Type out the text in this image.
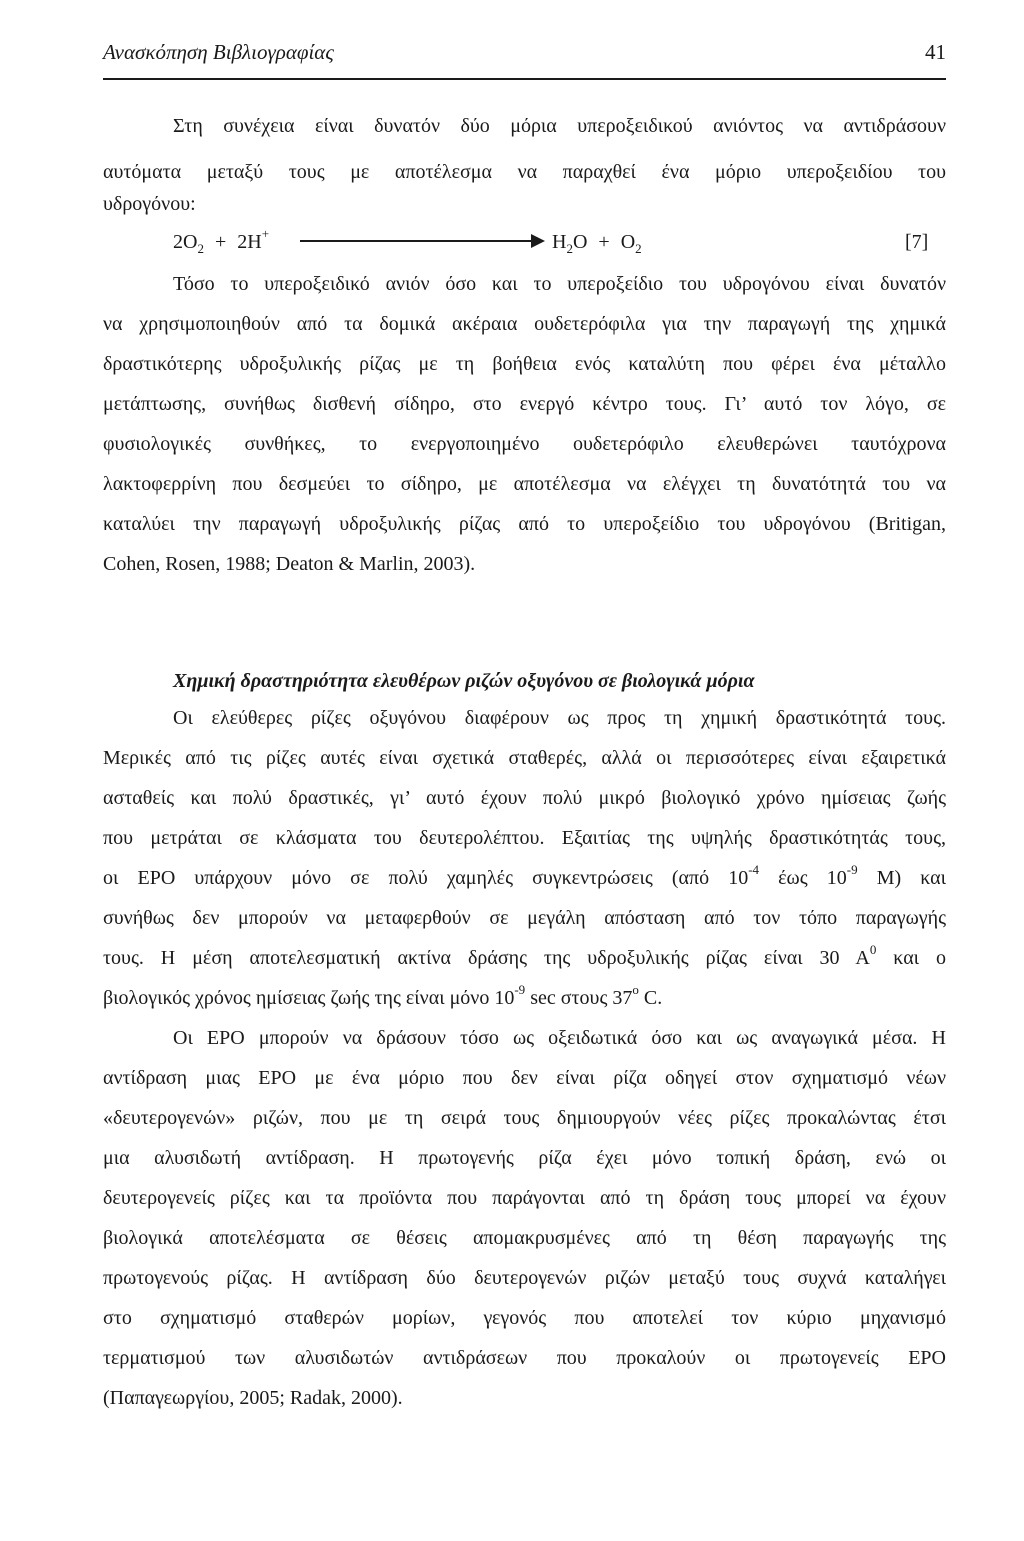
Ανασκόπηση Βιβλιογραφίας	41
Στη συνέχεια είναι δυνατόν δύο μόρια υπεροξειδικού ανιόντος να αντιδράσουν
αυτόματα μεταξύ τους με αποτέλεσμα να παραχθεί ένα μόριο υπεροξειδίου του
υδρογόνου:
$2O_2 + 2H^+$	$H_2O + O_2$	[7]
Τόσο το υπεροξειδικό ανιόν όσο και το υπεροξείδιο του υδρογόνου είναι δυνατόν
να χρησιμοποιηθούν από τα δομικά ακέραια ουδετερόφιλα για την παραγωγή της χημικά
δραστικότερης υδροξυλικής ρίζας με τη βοήθεια ενός καταλύτη που φέρει ένα μέταλλο
μετάπτωσης, συνήθως δισθενή σίδηρο, στο ενεργό κέντρο τους. Γι’ αυτό τον λόγο, σε
φυσιολογικές συνθήκες, το ενεργοποιημένο ουδετερόφιλο ελευθερώνει ταυτόχρονα
λακτοφερρίνη που δεσμεύει το σίδηρο, με αποτέλεσμα να ελέγχει τη δυνατότητά του να
καταλύει την παραγωγή υδροξυλικής ρίζας από το υπεροξείδιο του υδρογόνου (Britigan,
Cohen, Rosen, 1988; Deaton & Marlin, 2003).
Χημική δραστηριότητα ελευθέρων ριζών οξυγόνου σε βιολογικά μόρια
Οι ελεύθερες ρίζες οξυγόνου διαφέρουν ως προς τη χημική δραστικότητά τους.
Μερικές από τις ρίζες αυτές είναι σχετικά σταθερές, αλλά οι περισσότερες είναι εξαιρετικά
ασταθείς και πολύ δραστικές, γι’ αυτό έχουν πολύ μικρό βιολογικό χρόνο ημίσειας ζωής
που μετράται σε κλάσματα του δευτερολέπτου. Εξαιτίας της υψηλής δραστικότητάς τους,
οι ΕΡΟ υπάρχουν μόνο σε πολύ χαμηλές συγκεντρώσεις (από $10^{-4}$ έως $10^{-9}$ Μ) και
συνήθως δεν μπορούν να μεταφερθούν σε μεγάλη απόσταση από τον τόπο παραγωγής
τους. Η μέση αποτελεσματική ακτίνα δράσης της υδροξυλικής ρίζας είναι 30 $A^0$ και ο
βιολογικός χρόνος ημίσειας ζωής της είναι μόνο $10^{-9}$ sec στους 37$^o$ C.
Οι ΕΡΟ μπορούν να δράσουν τόσο ως οξειδωτικά όσο και ως αναγωγικά μέσα. Η
αντίδραση μιας ΕΡΟ με ένα μόριο που δεν είναι ρίζα οδηγεί στον σχηματισμό νέων
«δευτερογενών» ριζών, που με τη σειρά τους δημιουργούν νέες ρίζες προκαλώντας έτσι
μια αλυσιδωτή αντίδραση. Η πρωτογενής ρίζα έχει μόνο τοπική δράση, ενώ οι
δευτερογενείς ρίζες και τα προϊόντα που παράγονται από τη δράση τους μπορεί να έχουν
βιολογικά αποτελέσματα σε θέσεις απομακρυσμένες από τη θέση παραγωγής της
πρωτογενούς ρίζας. Η αντίδραση δύο δευτερογενών ριζών μεταξύ τους συχνά καταλήγει
στο σχηματισμό σταθερών μορίων, γεγονός που αποτελεί τον κύριο μηχανισμό
τερματισμού των αλυσιδωτών αντιδράσεων που προκαλούν οι πρωτογενείς ΕΡΟ
(Παπαγεωργίου, 2005; Radak, 2000).
